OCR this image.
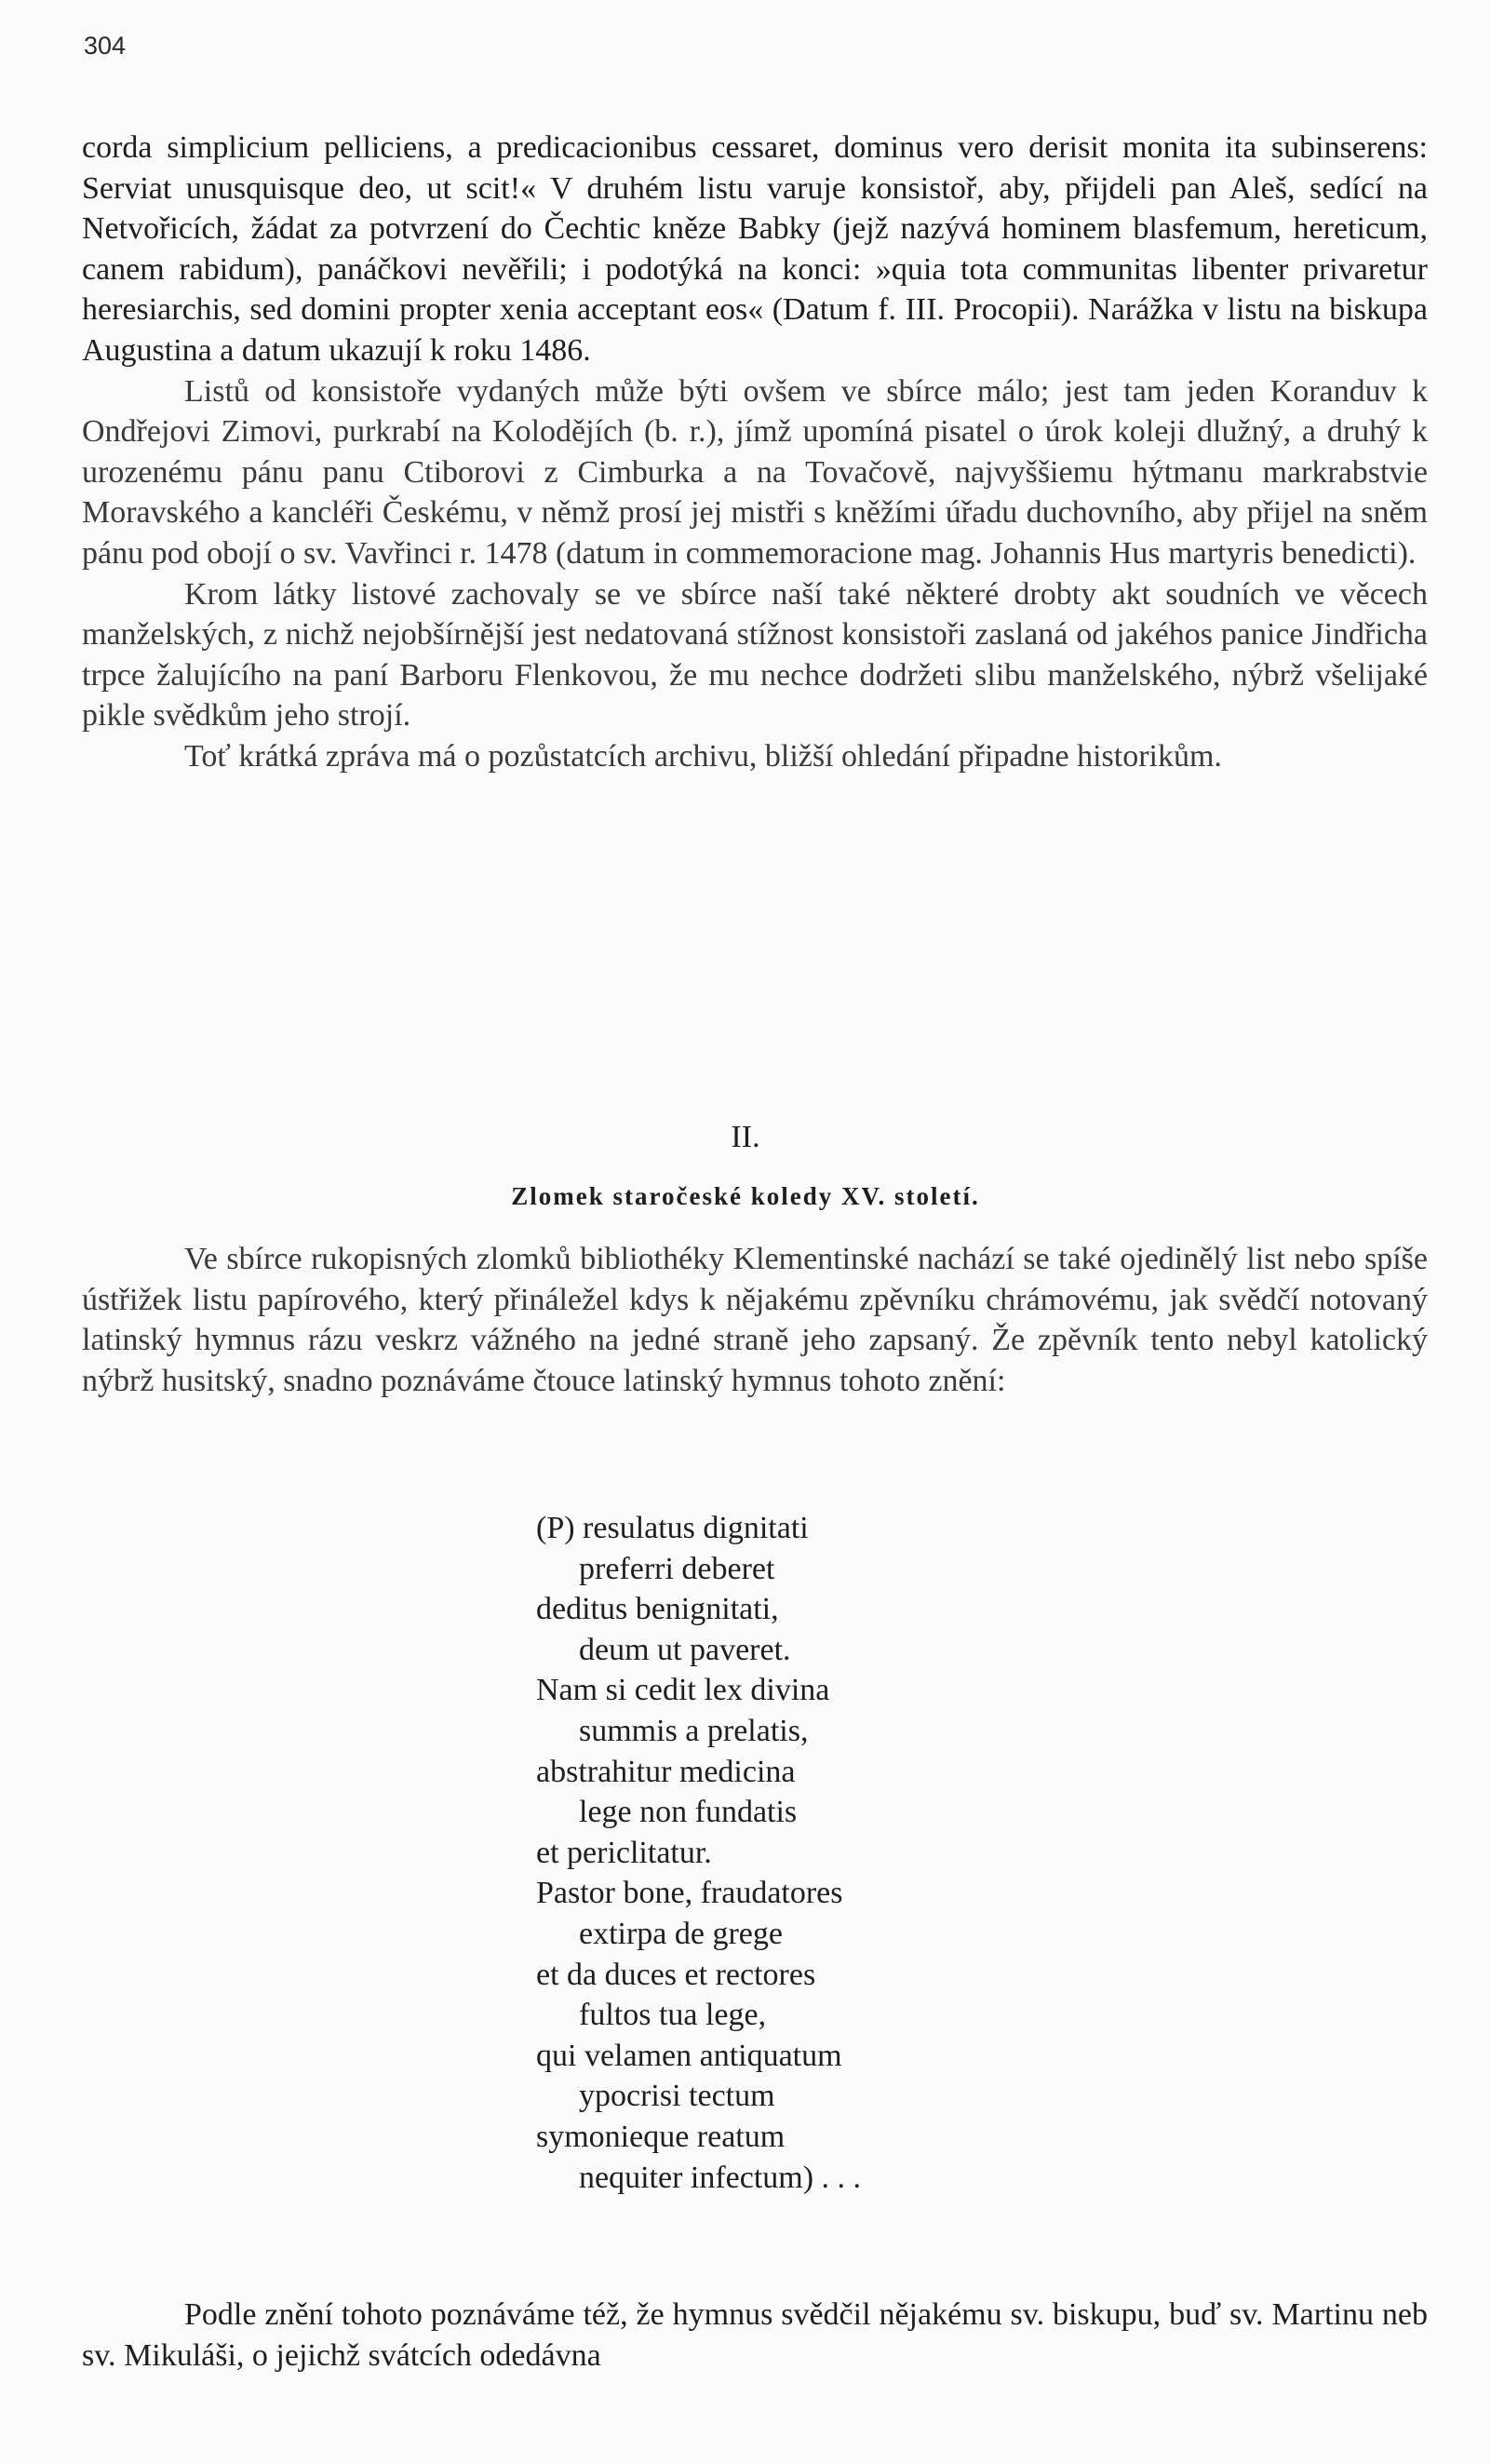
304

corda simplicium pelliciens, a predicacionibus cessaret, dominus vero derisit monita ita subinserens: Serviat unusquisque deo, ut scit!« V druhém listu varuje konsistoř, aby, přijdeli pan Aleš, sedící na Netvořicích, žádat za potvrzení do Čechtic kněze Babky (jejž nazývá hominem blasfemum, hereticum, canem rabidum), panáčkovi nevěřili; i podotýká na konci: »quia tota communitas libenter privaretur heresiarchis, sed domini propter xenia acceptant eos« (Datum f. III. Procopii). Narážka v listu na biskupa Augustina a datum ukazují k roku 1486.

Listů od konsistoře vydaných může býti ovšem ve sbírce málo; jest tam jeden Koranduv k Ondřejovi Zimovi, purkrabí na Kolodějích (b. r.), jímž upomíná pisatel o úrok koleji dlužný, a druhý k urozenému pánu panu Ctiborovi z Cimburka a na Tovačově, najvyššiemu hýtmanu markrabstvie Moravského a kancléři Českému, v němž prosí jej mistři s kněžími úřadu duchovního, aby přijel na sněm pánu pod obojí o sv. Vavřinci r. 1478 (datum in commemoracione mag. Johannis Hus martyris benedicti).

Krom látky listové zachovaly se ve sbírce naší také některé drobty akt soudních ve věcech manželských, z nichž nejobšírnější jest nedatovaná stížnost konsistoři zaslaná od jakéhos panice Jindřicha trpce žalujícího na paní Barboru Flenkovou, že mu nechce dodržeti slibu manželského, nýbrž všelijaké pikle svědkům jeho strojí.

Toť krátká zpráva má o pozůstatcích archivu, bližší ohledání připadne historikům.

II.
Zlomek staročeské koledy XV. století.

Ve sbírce rukopisných zlomků bibliothéky Klementinské nachází se také ojedinělý list nebo spíše ústřižek listu papírového, který přináležel kdys k nějakému zpěvníku chrámovému, jak svědčí notovaný latinský hymnus rázu veskrz vážného na jedné straně jeho zapsaný. Že zpěvník tento nebyl katolický nýbrž husitský, snadno poznáváme čtouce latinský hymnus tohoto znění:

(P) resulatus dignitati
preferri deberet
deditus benignitati,
deum ut paveret.
Nam si cedit lex divina
summis a prelatis,
abstrahitur medicina
lege non fundatis
et periclitatur.
Pastor bone, fraudatores
extirpa de grege
et da duces et rectores
fultos tua lege,
qui velamen antiquatum
ypocrisi tectum
symonieque reatum
nequiter infectum) . . .

Podle znění tohoto poznáváme též, že hymnus svědčil nějakému sv. biskupu, buď sv. Martinu neb sv. Mikuláši, o jejichž svátcích odedávna
